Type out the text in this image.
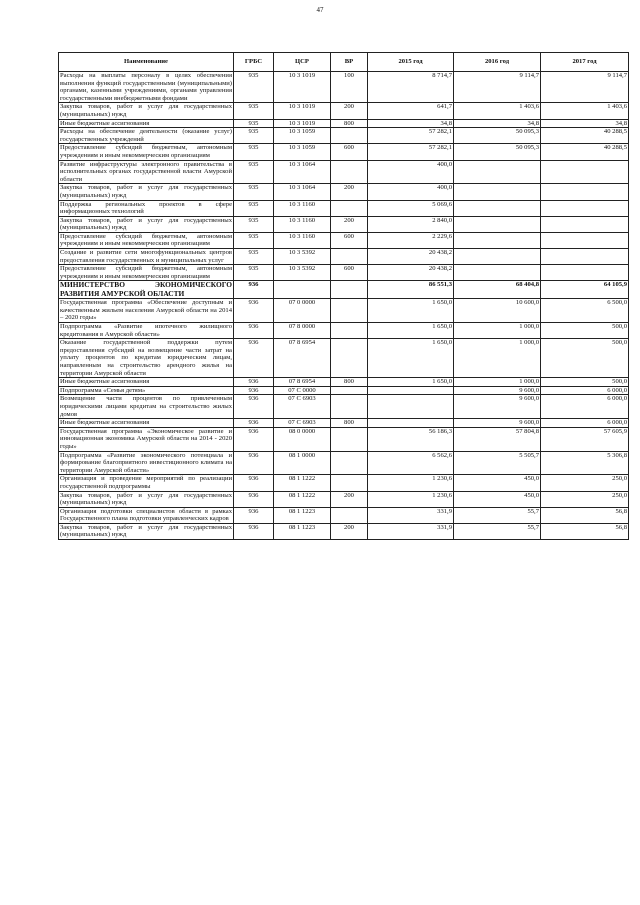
47
Наименование	ГРБС	ЦСР	ВР	2015 год	2016 год	2017 год
Расходы на выплаты персоналу в целях обеспечения выполнения функций государственными (муниципальными) органами, казенными учреждениями, органами управления государственными внебюджетными фондами	935	10 3 1019	100	8 714,7	9 114,7	9 114,7
Закупка товаров, работ и услуг для государственных (муниципальных) нужд	935	10 3 1019	200	641,7	1 403,6	1 403,6
Иные бюджетные ассигнования	935	10 3 1019	800	34,8	34,8	34,8
Расходы на обеспечение деятельности (оказание услуг) государственных учреждений	935	10 3 1059		57 282,1	50 095,3	40 288,5
Предоставление субсидий бюджетным, автономным учреждениям и иным некоммерческим организациям	935	10 3 1059	600	57 282,1	50 095,3	40 288,5
Развитие инфраструктуры электронного правительства в исполнительных органах государственной власти Амурской области	935	10 3 1064		400,0		
Закупка товаров, работ и услуг для государственных (муниципальных) нужд	935	10 3 1064	200	400,0		
Поддержка региональных проектов в сфере информационных технологий	935	10 3 1160		5 069,6		
Закупка товаров, работ и услуг для государственных (муниципальных) нужд	935	10 3 1160	200	2 840,0		
Предоставление субсидий бюджетным, автономным учреждениям и иным некоммерческим организациям	935	10 3 1160	600	2 229,6		
Создание и развитие сети многофункциональных центров предоставления государственных и муниципальных услуг	935	10 3 5392		20 438,2		
Предоставление субсидий бюджетным, автономным учреждениям и иным некоммерческим организациям	935	10 3 5392	600	20 438,2		
МИНИСТЕРСТВО ЭКОНОМИЧЕСКОГО РАЗВИТИЯ АМУРСКОЙ ОБЛАСТИ	936			86 551,3	68 404,8	64 105,9
Государственная программа «Обеспечение доступным и качественным жильем населения Амурской области на 2014 – 2020 годы»	936	07 0 0000		1 650,0	10 600,0	6 500,0
Подпрограмма «Развитие ипотечного жилищного кредитования в Амурской области»	936	07 8 0000		1 650,0	1 000,0	500,0
Оказание государственной поддержки путем предоставления субсидий на возмещение части затрат на уплату процентов по кредитам юридическим лицам, направленным на строительство арендного жилья на территории Амурской области	936	07 8 6954		1 650,0	1 000,0	500,0
Иные бюджетные ассигнования	936	07 8 6954	800	1 650,0	1 000,0	500,0
Подпрограмма «Семья детям»	936	07 С 0000			9 600,0	6 000,0
Возмещение части процентов по привлеченным юридическими лицами кредитам на строительство жилых домов	936	07 С 6903			9 600,0	6 000,0
Иные бюджетные ассигнования	936	07 С 6903	800		9 600,0	6 000,0
Государственная программа «Экономическое развитие и инновационная экономика Амурской области на 2014 - 2020 годы»	936	08 0 0000		56 186,3	57 804,8	57 605,9
Подпрограмма «Развитие экономического потенциала и формирование благоприятного инвестиционного климата на территории Амурской области»	936	08 1 0000		6 562,6	5 505,7	5 306,8
Организация и проведение мероприятий по реализации государственной подпрограммы	936	08 1 1222		1 230,6	450,0	250,0
Закупка товаров, работ и услуг для государственных (муниципальных) нужд	936	08 1 1222	200	1 230,6	450,0	250,0
Организация подготовки специалистов области в рамках Государственного плана подготовки управленческих кадров	936	08 1 1223		331,9	55,7	56,8
Закупка товаров, работ и услуг для государственных (муниципальных) нужд	936	08 1 1223	200	331,9	55,7	56,8
